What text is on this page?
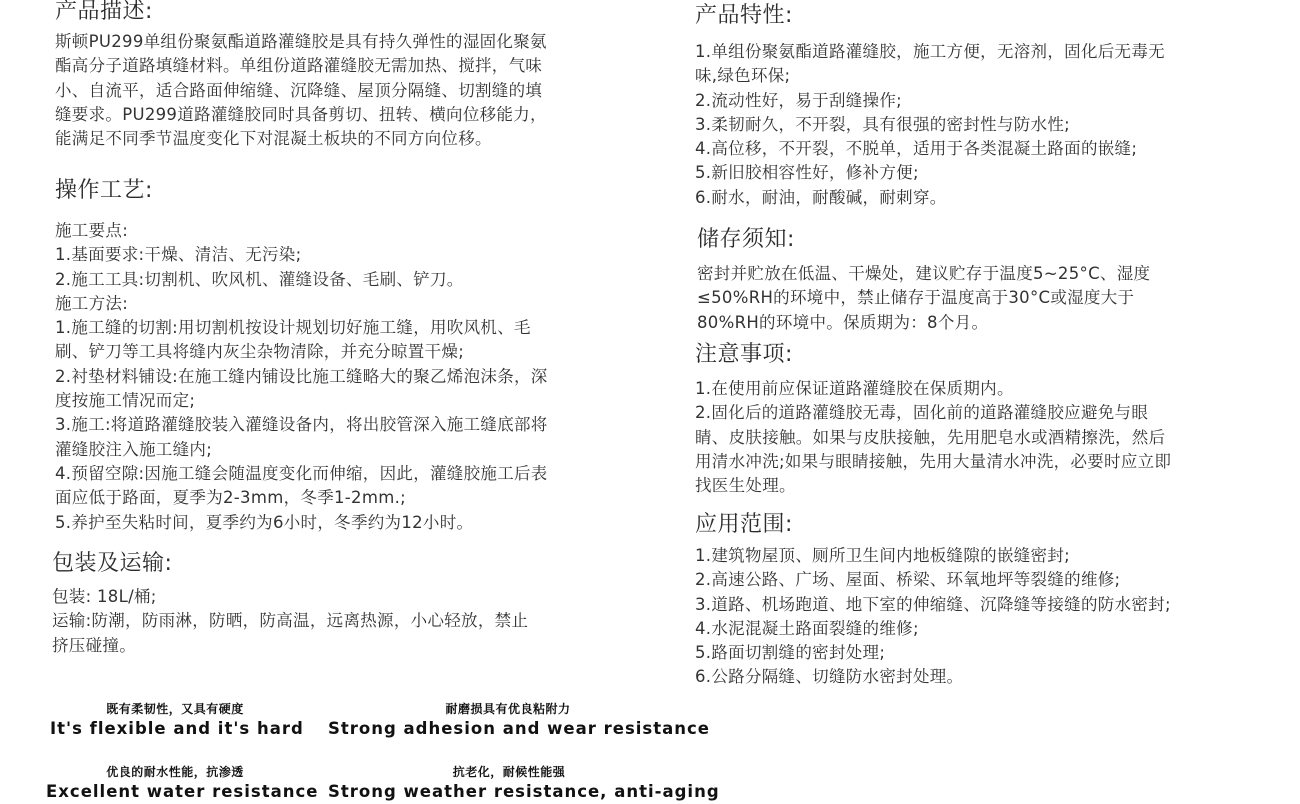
产品描述:

斯顿PU299单组份聚氨酯道路灌缝胶是具有持久弹性的湿固化聚氨

酯高分子道路填缝材料。单组份道路灌缝胶无需加热、搅拌，气味

小、自流平，适合路面伸缩缝、沉降缝、屋顶分隔缝、切割缝的填

缝要求。PU299道路灌缝胶同时具备剪切、扭转、横向位移能力，

能满足不同季节温度变化下对混凝土板块的不同方向位移。

操作工艺:

施工要点:

1.基面要求:干燥、清洁、无污染;

2.施工工具:切割机、吹风机、灌缝设备、毛刷、铲刀。

施工方法:

1.施工缝的切割:用切割机按设计规划切好施工缝，用吹风机、毛

刷、铲刀等工具将缝内灰尘杂物清除，并充分晾置干燥;

2.衬垫材料铺设:在施工缝内铺设比施工缝略大的聚乙烯泡沫条，深

度按施工情况而定;

3.施工:将道路灌缝胶装入灌缝设备内，将出胶管深入施工缝底部将

灌缝胶注入施工缝内;

4.预留空隙:因施工缝会随温度变化而伸缩，因此，灌缝胶施工后表

面应低于路面，夏季为2-3mm，冬季1-2mm.;

5.养护至失粘时间，夏季约为6小时，冬季约为12小时。

包装及运输:

包装: 18L/桶;

运输:防潮，防雨淋，防晒，防高温，远离热源，小心轻放，禁止

挤压碰撞。

产品特性:

1.单组份聚氨酯道路灌缝胶，施工方便，无溶剂，固化后无毒无

味,绿色环保;

2.流动性好，易于刮缝操作;

3.柔韧耐久，不开裂，具有很强的密封性与防水性;

4.高位移，不开裂，不脱单，适用于各类混凝土路面的嵌缝;

5.新旧胶相容性好，修补方便;

6.耐水，耐油，耐酸碱，耐刺穿。

储存须知:

密封并贮放在低温、干燥处，建议贮存于温度5~25°C、湿度

≤50%RH的环境中，禁止储存于温度高于30°C或湿度大于

80%RH的环境中。保质期为：8个月。

注意事项:

1.在使用前应保证道路灌缝胶在保质期内。

2.固化后的道路灌缝胶无毒，固化前的道路灌缝胶应避免与眼

睛、皮肤接触。如果与皮肤接触，先用肥皂水或酒精擦洗，然后

用清水冲洗;如果与眼睛接触，先用大量清水冲洗，必要时应立即

找医生处理。

应用范围:

1.建筑物屋顶、厕所卫生间内地板缝隙的嵌缝密封;

2.高速公路、广场、屋面、桥梁、环氧地坪等裂缝的维修;

3.道路、机场跑道、地下室的伸缩缝、沉降缝等接缝的防水密封;

4.水泥混凝土路面裂缝的维修;

5.路面切割缝的密封处理;

6.公路分隔缝、切缝防水密封处理。

既有柔韧性，又具有硬度
It's flexible and it's hard
耐磨损具有优良粘附力
Strong adhesion and wear resistance
优良的耐水性能，抗渗透
Excellent water resistance
抗老化，耐候性能强
Strong weather resistance, anti-aging
